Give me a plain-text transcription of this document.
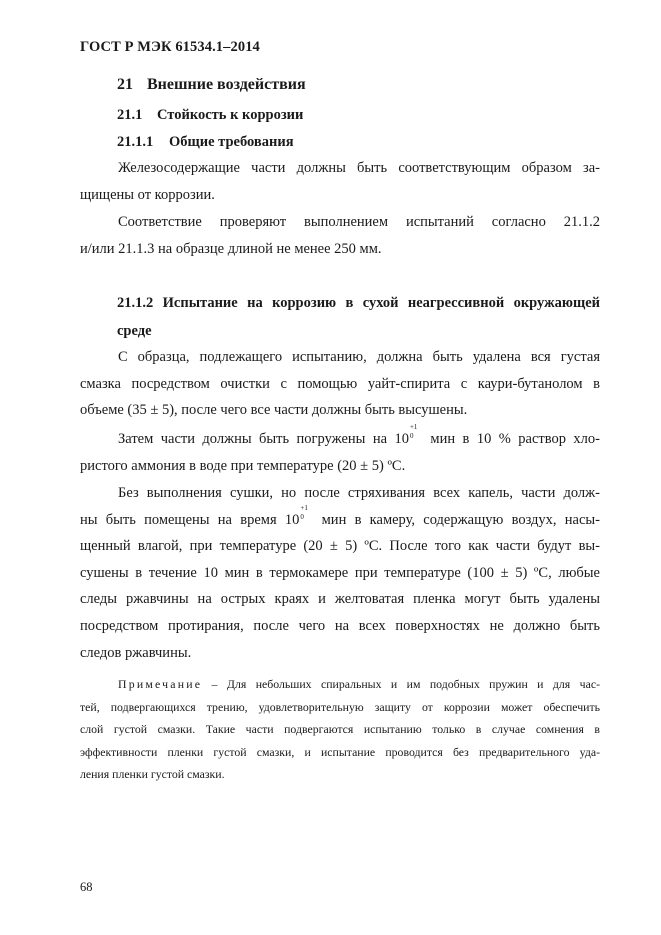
ГОСТ Р МЭК 61534.1–2014
21 Внешние воздействия
21.1 Стойкость к коррозии
21.1.1 Общие требования
Железосодержащие части должны быть соответствующим образом за-
щищены от коррозии.
Соответствие проверяют выполнением испытаний согласно 21.1.2
и/или 21.1.3 на образце длиной не менее 250 мм.
21.1.2 Испытание на коррозию в сухой неагрессивной окружающей
среде
С образца, подлежащего испытанию, должна быть удалена вся густая
смазка посредством очистки с помощью уайт-спирита с каури-бутанолом в
объеме (35 ± 5), после чего все части должны быть высушены.
Затем части должны быть погружены на 10
+1
0 мин в 10 % раствор хло-
ристого аммония в воде при температуре (20 ± 5) ºС.
Без выполнения сушки, но после стряхивания всех капель, части долж-
ны быть помещены на время 10
+1
0 мин в камеру, содержащую воздух, насы-
щенный влагой, при температуре (20 ± 5) ºС. После того как части будут вы-
сушены в течение 10 мин в термокамере при температуре (100 ± 5) ºС, любые
следы ржавчины на острых краях и желтоватая пленка могут быть удалены
посредством протирания, после чего на всех поверхностях не должно быть
следов ржавчины.
Примечание – Для небольших спиральных и им подобных пружин и для час-
тей, подвергающихся трению, удовлетворительную защиту от коррозии может обеспечить
слой густой смазки. Такие части подвергаются испытанию только в случае сомнения в
эффективности пленки густой смазки, и испытание проводится без предварительного уда-
ления пленки густой смазки.
68
